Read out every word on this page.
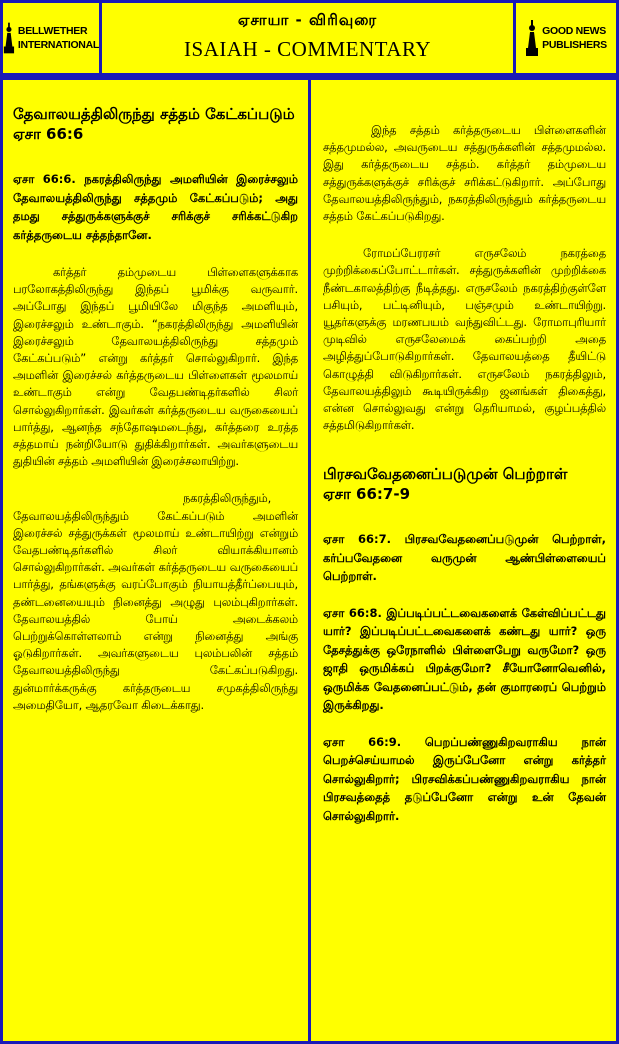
BELLWETHER
INTERNATIONAL
ஏசாயா - விரிவுரை
ISAIAH - COMMENTARY
GOOD NEWS
PUBLISHERS

தேவாலயத்திலிருந்து சத்தம் கேட்கப்படும்

ஏசா 66:6

ஏசா 66:6. நகரத்திலிருந்து அமளியின் இரைச்சலும் தேவாலயத்திலிருந்து சத்தமும் கேட்கப்படும்; அது தமது சத்துருக்களுக்குச் சரிக்குச் சரிக்கட்டுகிற கர்த்தருடைய சத்தந்தானே.

கர்த்தர் தம்முடைய பிள்ளைகளுக்காக பரலோகத்திலிருந்து இந்தப் பூமிக்கு வருவார். அப்போது இந்தப் பூமியிலே மிகுந்த அமளியும், இரைச்சலும் உண்டாகும். “நகரத்திலிருந்து அமளியின் இரைச்சலும் தேவாலயத்திலிருந்து சத்தமும் கேட்கப்படும்” என்று கர்த்தர் சொல்லுகிறார். இந்த அமளின் இரைச்சல் கர்த்தருடைய பிள்ளைகள் மூலமாய் உண்டாகும் என்று வேதபண்டிதர்களில் சிலர் சொல்லுகிறார்கள். இவர்கள் கர்த்தருடைய வருகையைப் பார்த்து, ஆனந்த சந்தோஷமடைந்து, கர்த்தரை உரத்த சத்தமாய் நன்றியோடு துதிக்கிறார்கள். அவர்களுடைய துதியின் சத்தம் அமளியின் இரைச்சலாயிற்று.

நகரத்திலிருந்தும், தேவாலயத்திலிருந்தும் கேட்கப்படும் அமளின் இரைச்சல் சத்துருக்கள் மூலமாய் உண்டாயிற்று என்றும் வேதபண்டிதர்களில் சிலர் வியாக்கியானம் சொல்லுகிறார்கள். அவர்கள் கர்த்தருடைய வருகையைப் பார்த்து, தங்களுக்கு வரப்போகும் நியாயத்தீர்ப்பையும், தண்டனையையும் நினைத்து அழுது புலம்புகிறார்கள். தேவாலயத்தில் போய் அடைக்கலம் பெற்றுக்கொள்ளலாம் என்று நினைத்து அங்கு ஓடுகிறார்கள். அவர்களுடைய புலம்பலின் சத்தம் தேவாலயத்திலிருந்து கேட்கப்படுகிறது. துன்மார்க்கருக்கு கர்த்தருடைய சமுகத்திலிருந்து அமைதியோ, ஆதரவோ கிடைக்காது.

இந்த சத்தம் கர்த்தருடைய பிள்ளைகளின் சத்தமுமல்ல, அவருடைய சத்துருக்களின் சத்தமுமல்ல. இது கர்த்தருடைய சத்தம். கர்த்தர் தம்முடைய சத்துருக்களுக்குச் சரிக்குச் சரிக்கட்டுகிறார். அப்போது தேவாலயத்திலிருந்தும், நகரத்திலிருந்தும் கர்த்தருடைய சத்தம் கேட்கப்படுகிறது.

ரோமப்பேரரசர் எருசலேம் நகரத்தை முற்றிக்கைப்போட்டார்கள். சத்துருக்களின் முற்றிக்கை நீண்டகாலத்திற்கு நீடித்தது. எருசலேம் நகரத்திற்குள்ளே பசியும், பட்டினியும், பஞ்சமும் உண்டாயிற்று. யூதர்களுக்கு மரணபயம் வந்துவிட்டது. ரோமாபுரியார் முடிவில் எருசலேமைக் கைப்பற்றி அதை அழித்துப்போடுகிறார்கள். தேவாலயத்தை தீயிட்டு கொழுத்தி விடுகிறார்கள். எருசலேம் நகரத்திலும், தேவாலயத்திலும் கூடியிருக்கிற ஜனங்கள் திகைத்து, என்ன சொல்லுவது என்று தெரியாமல், குழப்பத்தில் சத்தமிடுகிறார்கள்.

பிரசவவேதனைப்படுமுன் பெற்றாள்

ஏசா 66:7-9

ஏசா 66:7. பிரசவவேதனைப்படுமுன் பெற்றாள், கர்ப்பவேதனை வருமுன் ஆண்பிள்ளையைப் பெற்றாள்.

ஏசா 66:8. இப்படிப்பட்டவைகளைக் கேள்விப்பட்டது யார்? இப்படிப்பட்டவைகளைக் கண்டது யார்? ஒரு தேசத்துக்கு ஒரேநாளில் பிள்ளைபேறு வருமோ? ஒரு ஜாதி ஒருமிக்கப் பிறக்குமோ? சீயோனோவெனில், ஒருமிக்க வேதனைப்பட்டும், தன் குமாரரைப் பெற்றும் இருக்கிறது.

ஏசா 66:9. பெறப்பண்ணுகிறவராகிய நான் பெறச்செய்யாமல் இருப்பேனோ என்று கர்த்தர் சொல்லுகிறார்; பிரசவிக்கப்பண்ணுகிறவராகிய நான் பிரசவத்தைத் தடுப்பேனோ என்று உன் தேவன் சொல்லுகிறார்.
